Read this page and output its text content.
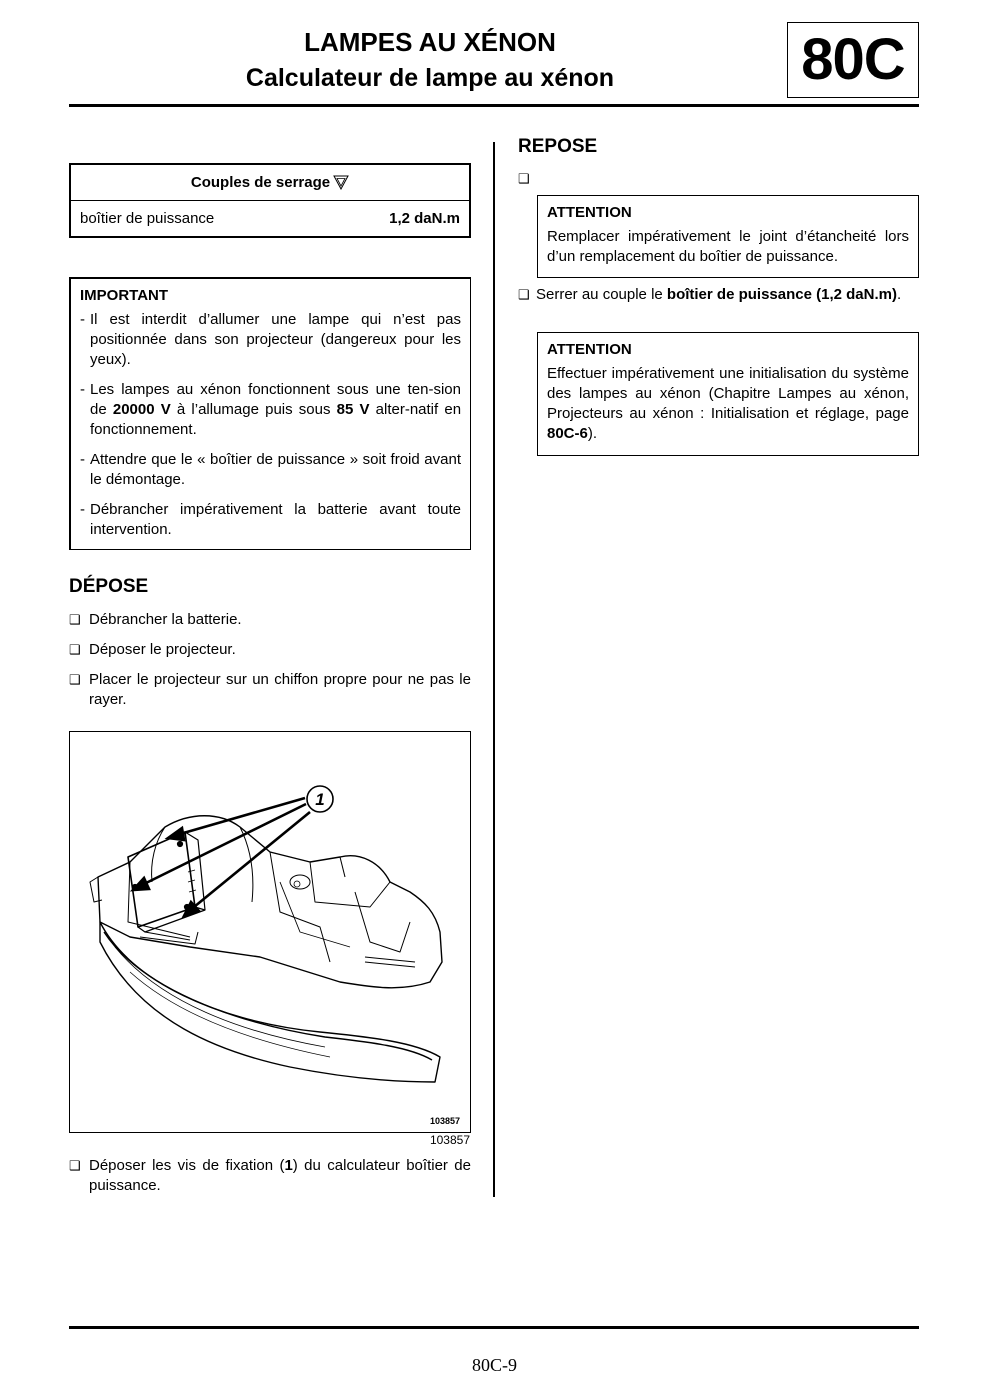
LAMPES AU XÉNON
Calculateur de lampe au xénon	80C
Couples de serrage
boîtier de puissance	1,2 daN.m
IMPORTANT
- Il est interdit d’allumer une lampe qui n’est pas positionnée dans son projecteur (dangereux pour les yeux).
- Les lampes au xénon fonctionnent sous une ten-sion de 20000 V à l’allumage puis sous 85 V alter-natif en fonctionnement.
- Attendre que le « boîtier de puissance » soit froid avant le démontage.
- Débrancher impérativement la batterie avant toute intervention.
DÉPOSE
❑ Débrancher la batterie.
❑ Déposer le projecteur.
❑ Placer le projecteur sur un chiffon propre pour ne pas le rayer.
1
103857
103857
❑ Déposer les vis de fixation (1) du calculateur boîtier de puissance.
REPOSE
❑
ATTENTION
Remplacer impérativement le joint d’étancheité lors d’un remplacement du boîtier de puissance.
❑ Serrer au couple le boîtier de puissance (1,2 daN.m).
ATTENTION
Effectuer impérativement une initialisation du système des lampes au xénon (Chapitre Lampes au xénon, Projecteurs au xénon : Initialisation et réglage, page 80C-6).
80C-9
